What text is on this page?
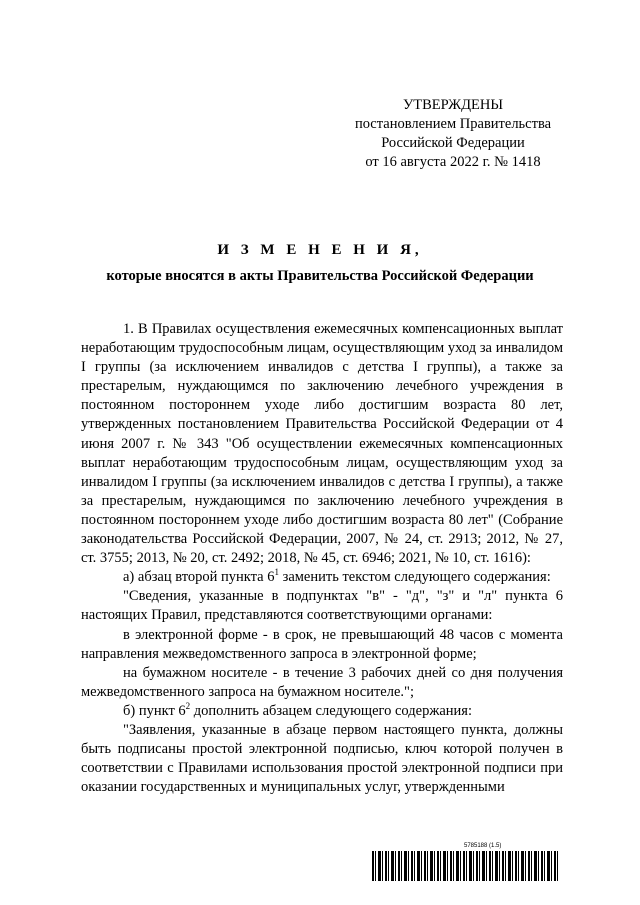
УТВЕРЖДЕНЫ
постановлением Правительства
Российской Федерации
от 16 августа 2022 г. № 1418
И З М Е Н Е Н И Я,
которые вносятся в акты Правительства Российской Федерации

1. В Правилах осуществления ежемесячных компенсационных выплат неработающим трудоспособным лицам, осуществляющим уход за инвалидом I группы (за исключением инвалидов с детства I группы), а также за престарелым, нуждающимся по заключению лечебного учреждения в постоянном постороннем уходе либо достигшим возраста 80 лет, утвержденных постановлением Правительства Российской Федерации от 4 июня 2007 г. № 343 "Об осуществлении ежемесячных компенсационных выплат неработающим трудоспособным лицам, осуществляющим уход за инвалидом I группы (за исключением инвалидов с детства I группы), а также за престарелым, нуждающимся по заключению лечебного учреждения в постоянном постороннем уходе либо достигшим возраста 80 лет" (Собрание законодательства Российской Федерации, 2007, № 24, ст. 2913; 2012, № 27, ст. 3755; 2013, № 20, ст. 2492; 2018, № 45, ст. 6946; 2021, № 10, ст. 1616):

а) абзац второй пункта $6^1$ заменить текстом следующего содержания:

"Сведения, указанные в подпунктах "в" - "д", "з" и "л" пункта 6 настоящих Правил, представляются соответствующими органами:

в электронной форме - в срок, не превышающий 48 часов с момента направления межведомственного запроса в электронной форме;

на бумажном носителе - в течение 3 рабочих дней со дня получения межведомственного запроса на бумажном носителе.";

б) пункт $6^2$ дополнить абзацем следующего содержания:

"Заявления, указанные в абзаце первом настоящего пункта, должны быть подписаны простой электронной подписью, ключ которой получен в соответствии с Правилами использования простой электронной подписи при оказании государственных и муниципальных услуг, утвержденными

5785188 (1.5)
